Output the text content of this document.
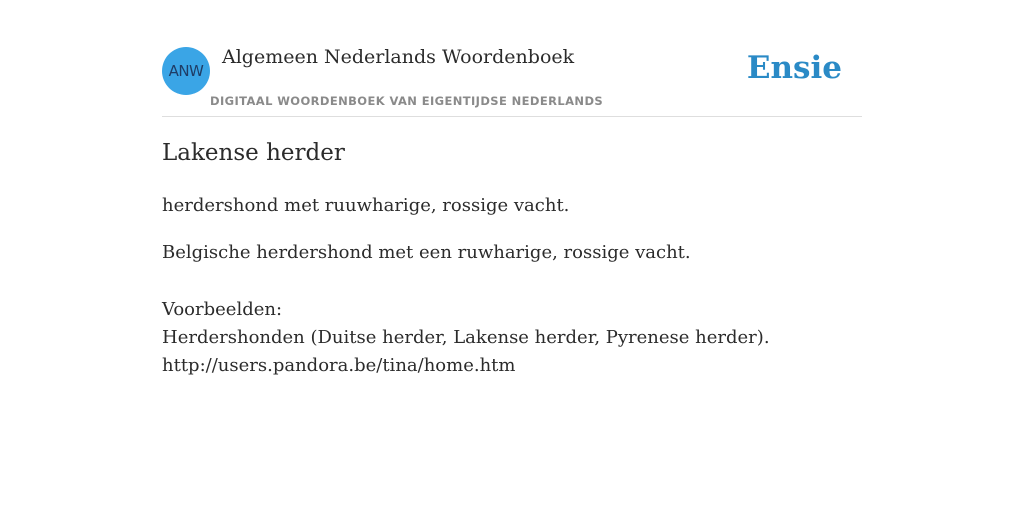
ANW
Algemeen Nederlands Woordenboek
DIGITAAL WOORDENBOEK VAN EIGENTIJDSE NEDERLANDS
Ensie
Lakense herder
herdershond met ruuwharige, rossige vacht.
Belgische herdershond met een ruwharige, rossige vacht.
Voorbeelden:
Herdershonden (Duitse herder, Lakense herder, Pyrenese herder).
http://users.pandora.be/tina/home.htm
